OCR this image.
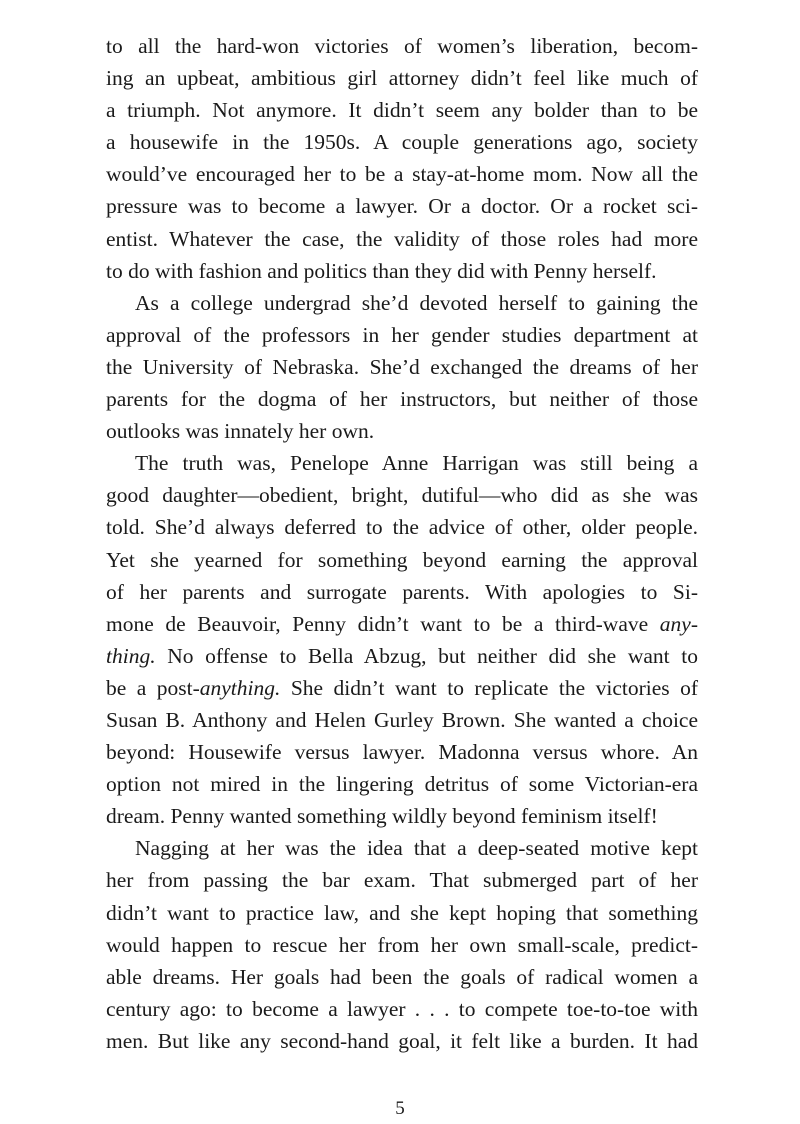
to all the hard-won victories of women’s liberation, becom-
ing an upbeat, ambitious girl attorney didn’t feel like much of
a triumph. Not anymore. It didn’t seem any bolder than to be
a housewife in the 1950s. A couple generations ago, society
would’ve encouraged her to be a stay-at-home mom. Now all the
pressure was to become a lawyer. Or a doctor. Or a rocket sci-
entist. Whatever the case, the validity of those roles had more
to do with fashion and politics than they did with Penny herself.
As a college undergrad she’d devoted herself to gaining the
approval of the professors in her gender studies department at
the University of Nebraska. She’d exchanged the dreams of her
parents for the dogma of her instructors, but neither of those
outlooks was innately her own.
The truth was, Penelope Anne Harrigan was still being a
good daughter—obedient, bright, dutiful—who did as she was
told. She’d always deferred to the advice of other, older people.
Yet she yearned for something beyond earning the approval
of her parents and surrogate parents. With apologies to Si-
mone de Beauvoir, Penny didn’t want to be a third-wave any-
thing. No offense to Bella Abzug, but neither did she want to
be a post-anything. She didn’t want to replicate the victories of
Susan B. Anthony and Helen Gurley Brown. She wanted a choice
beyond: Housewife versus lawyer. Madonna versus whore. An
option not mired in the lingering detritus of some Victorian-era
dream. Penny wanted something wildly beyond feminism itself!
Nagging at her was the idea that a deep-seated motive kept
her from passing the bar exam. That submerged part of her
didn’t want to practice law, and she kept hoping that something
would happen to rescue her from her own small-scale, predict-
able dreams. Her goals had been the goals of radical women a
century ago: to become a lawyer . . . to compete toe-to-toe with
men. But like any second-hand goal, it felt like a burden. It had
5
